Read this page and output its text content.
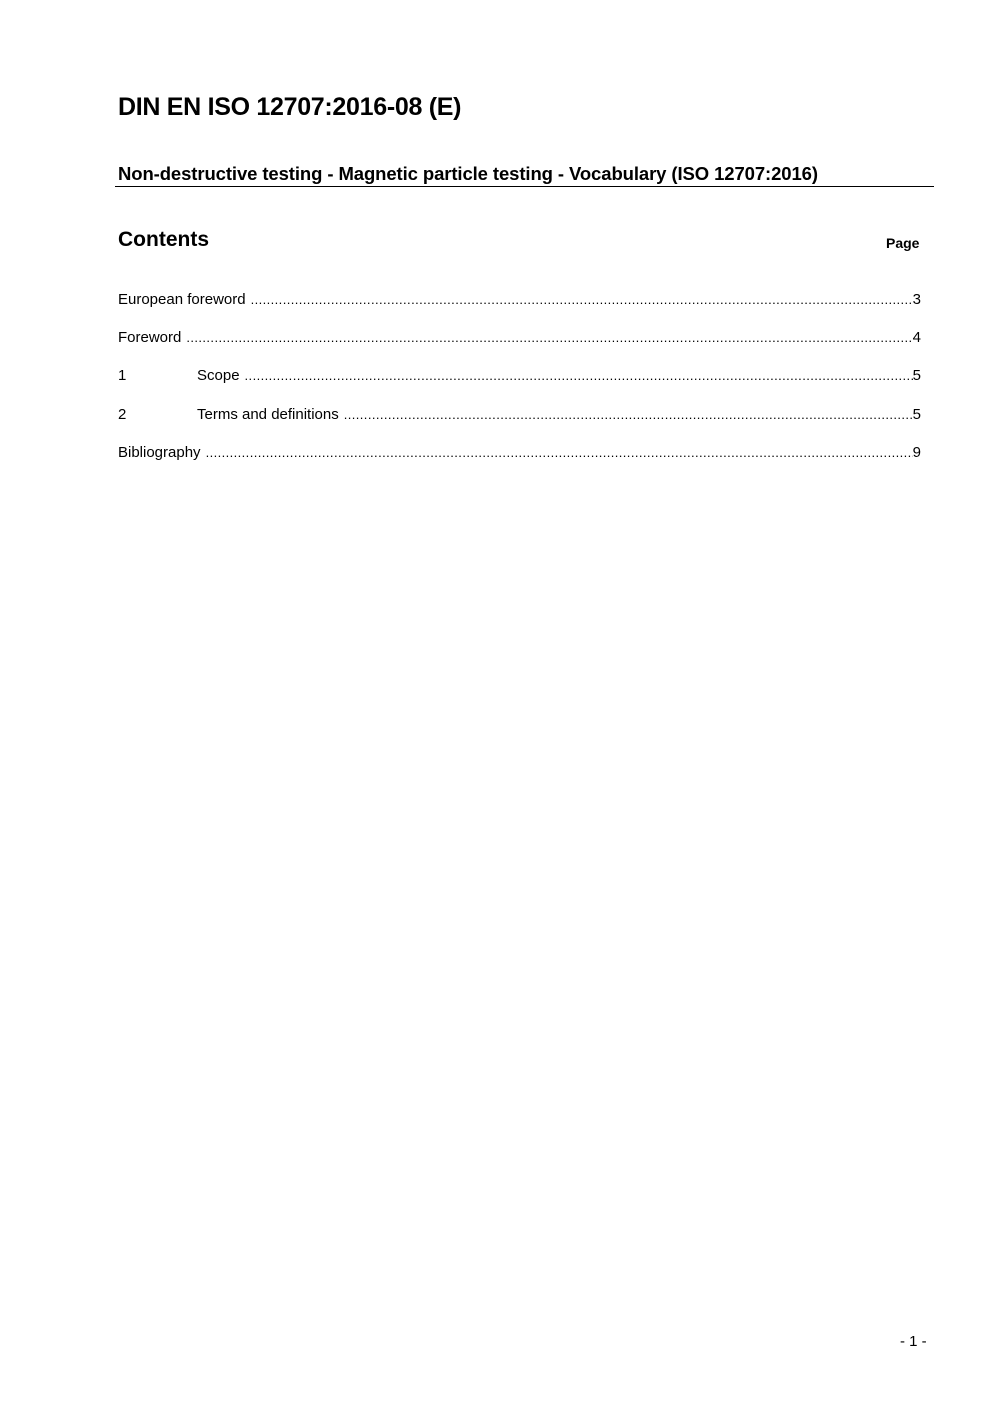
DIN EN ISO 12707:2016-08 (E)
Non-destructive testing - Magnetic particle testing - Vocabulary (ISO 12707:2016)
Contents	Page
European foreword .....	3
Foreword .....	4
1	Scope .....	5
2	Terms and definitions .....	5
Bibliography .....	9
- 1 -
